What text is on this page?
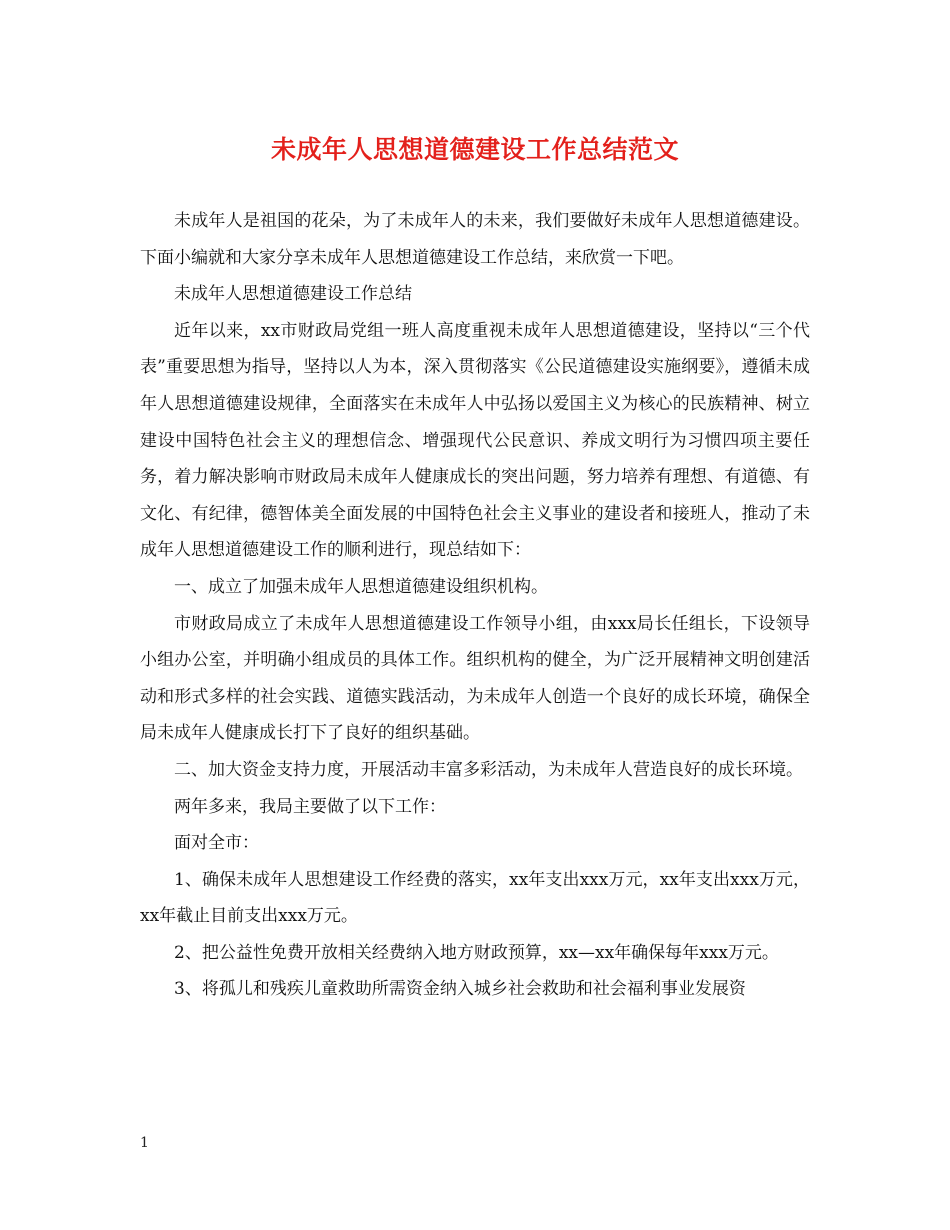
未成年人思想道德建设工作总结范文

未成年人是祖国的花朵，为了未成年人的未来，我们要做好未成年人思想道德建设。下面小编就和大家分享未成年人思想道德建设工作总结，来欣赏一下吧。

未成年人思想道德建设工作总结

近年以来，xx市财政局党组一班人高度重视未成年人思想道德建设，坚持以“三个代表”重要思想为指导，坚持以人为本，深入贯彻落实《公民道德建设实施纲要》，遵循未成年人思想道德建设规律，全面落实在未成年人中弘扬以爱国主义为核心的民族精神、树立建设中国特色社会主义的理想信念、增强现代公民意识、养成文明行为习惯四项主要任务，着力解决影响市财政局未成年人健康成长的突出问题，努力培养有理想、有道德、有文化、有纪律，德智体美全面发展的中国特色社会主义事业的建设者和接班人，推动了未成年人思想道德建设工作的顺利进行，现总结如下：

一、成立了加强未成年人思想道德建设组织机构。

市财政局成立了未成年人思想道德建设工作领导小组，由xxx局长任组长，下设领导小组办公室，并明确小组成员的具体工作。组织机构的健全，为广泛开展精神文明创建活动和形式多样的社会实践、道德实践活动，为未成年人创造一个良好的成长环境，确保全局未成年人健康成长打下了良好的组织基础。

二、加大资金支持力度，开展活动丰富多彩活动，为未成年人营造良好的成长环境。

两年多来，我局主要做了以下工作：

面对全市：

1、确保未成年人思想建设工作经费的落实，xx年支出xxx万元，xx年支出xxx万元，xx年截止目前支出xxx万元。

2、把公益性免费开放相关经费纳入地方财政预算，xx—xx年确保每年xxx万元。

3、将孤儿和残疾儿童救助所需资金纳入城乡社会救助和社会福利事业发展资

1
